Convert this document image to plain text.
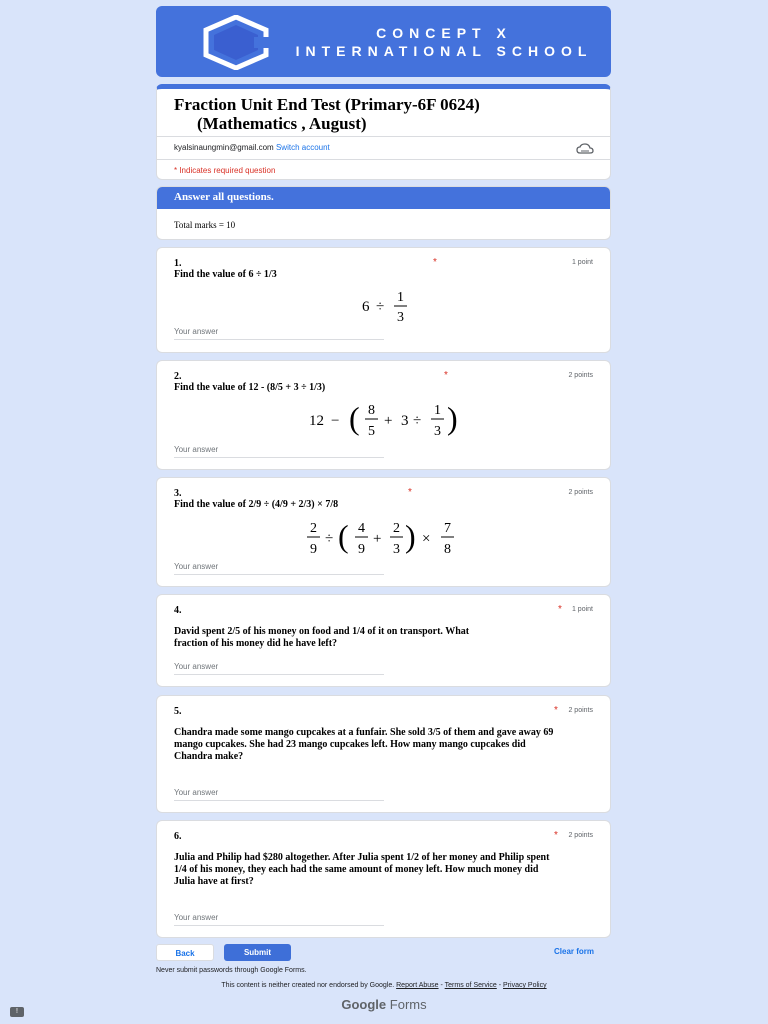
CONCEPT X
INTERNATIONAL SCHOOL
Fraction Unit End Test (Primary-6F 0624)
(Mathematics , August)
kyalsinaungmin@gmail.com Switch account
* Indicates required question
Answer all questions.
Total marks = 10
1.	*	1 point
Find the value of 6 ÷ 1/3
6 ÷
1
3
Your answer
2.	*	2 points
Find the value of 12 - (8/5 + 3 ÷ 1/3)
12 − ( 8
5
+ 3 ÷
1
3 )
Your answer
3.	*	2 points
Find the value of 2/9 ÷ (4/9 + 2/3) × 7/8
2
9
÷ ( 4
9
+
2
3 ) ×
7
8
Your answer
4.	* 1 point
David spent 2/5 of his money on food and 1/4 of it on transport. What fraction of his money did he have left?
Your answer
5.	* 2 points
Chandra made some mango cupcakes at a funfair. She sold 3/5 of them and gave away 69 mango cupcakes. She had 23 mango cupcakes left. How many mango cupcakes did Chandra make?
Your answer
6.	* 2 points
Julia and Philip had $280 altogether. After Julia spent 1/2 of her money and Philip spent 1/4 of his money, they each had the same amount of money left. How much money did Julia have at first?
Your answer
Back	Submit	Clear form
Never submit passwords through Google Forms.
This content is neither created nor endorsed by Google. Report Abuse - Terms of Service - Privacy Policy
Google Forms
!
